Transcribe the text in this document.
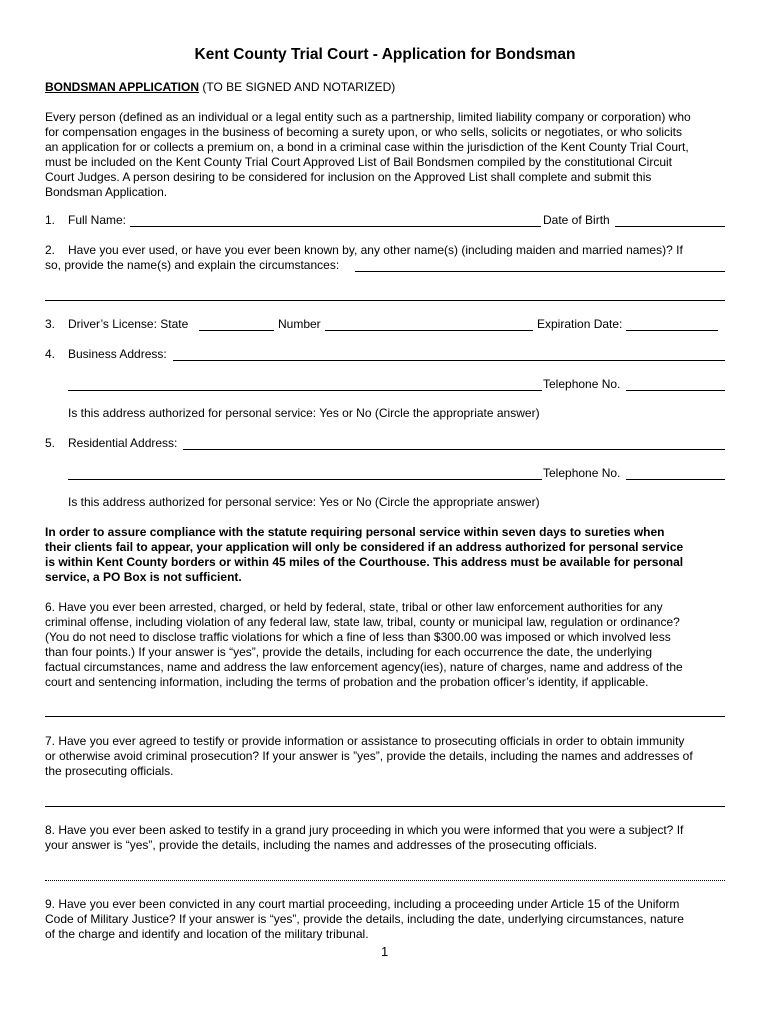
Kent County Trial Court - Application for Bondsman
BONDSMAN APPLICATION (TO BE SIGNED AND NOTARIZED)
Every person (defined as an individual or a legal entity such as a partnership, limited liability company or corporation) who
for compensation engages in the business of becoming a surety upon, or who sells, solicits or negotiates, or who solicits
an application for or collects a premium on, a bond in a criminal case within the jurisdiction of the Kent County Trial Court,
must be included on the Kent County Trial Court Approved List of Bail Bondsmen compiled by the constitutional Circuit
Court Judges. A person desiring to be considered for inclusion on the Approved List shall complete and submit this
Bondsman Application.
1. Full Name:	Date of Birth
2. Have you ever used, or have you ever been known by, any other name(s) (including maiden and married names)? If
so, provide the name(s) and explain the circumstances:
3. Driver’s License: State	Number	Expiration Date:
4. Business Address:
Telephone No.
Is this address authorized for personal service: Yes or No (Circle the appropriate answer)
5. Residential Address:
Telephone No.
Is this address authorized for personal service: Yes or No (Circle the appropriate answer)
In order to assure compliance with the statute requiring personal service within seven days to sureties when
their clients fail to appear, your application will only be considered if an address authorized for personal service
is within Kent County borders or within 45 miles of the Courthouse. This address must be available for personal
service, a PO Box is not sufficient.
6. Have you ever been arrested, charged, or held by federal, state, tribal or other law enforcement authorities for any
criminal offense, including violation of any federal law, state law, tribal, county or municipal law, regulation or ordinance?
(You do not need to disclose traffic violations for which a fine of less than $300.00 was imposed or which involved less
than four points.) If your answer is “yes”, provide the details, including for each occurrence the date, the underlying
factual circumstances, name and address the law enforcement agency(ies), nature of charges, name and address of the
court and sentencing information, including the terms of probation and the probation officer’s identity, if applicable.
7. Have you ever agreed to testify or provide information or assistance to prosecuting officials in order to obtain immunity
or otherwise avoid criminal prosecution? If your answer is ”yes”, provide the details, including the names and addresses of
the prosecuting officials.
8. Have you ever been asked to testify in a grand jury proceeding in which you were informed that you were a subject? If
your answer is “yes”, provide the details, including the names and addresses of the prosecuting officials.
9. Have you ever been convicted in any court martial proceeding, including a proceeding under Article 15 of the Uniform
Code of Military Justice? If your answer is “yes”, provide the details, including the date, underlying circumstances, nature
of the charge and identify and location of the military tribunal.
1
